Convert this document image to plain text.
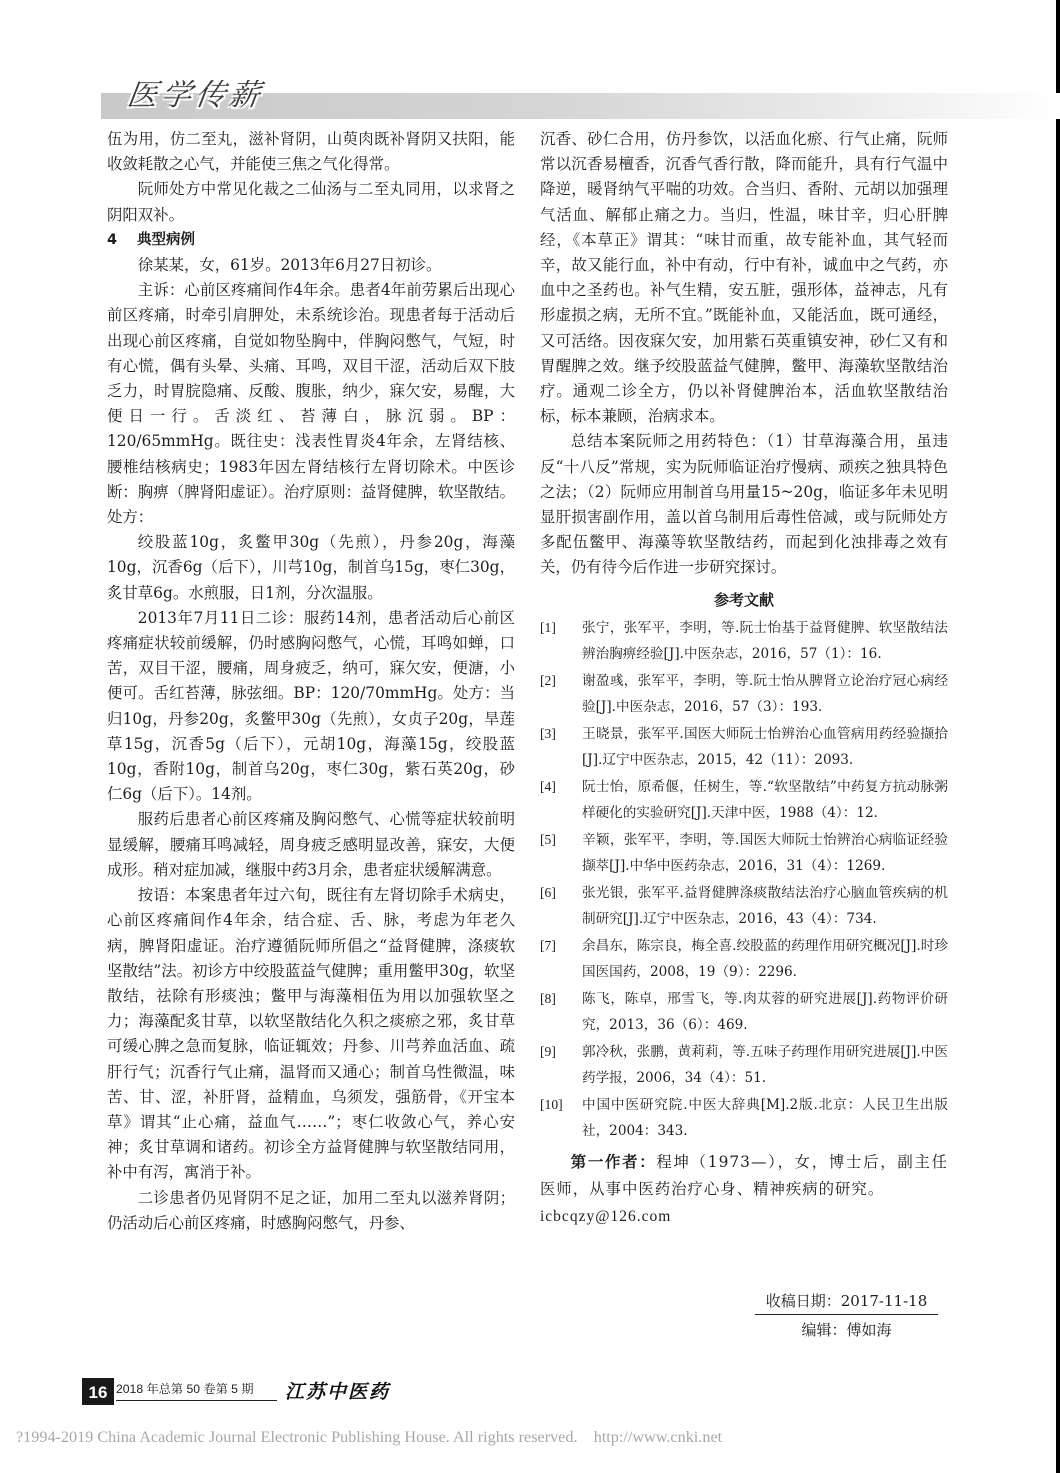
医学传薪

伍为用，仿二至丸，滋补肾阴，山萸肉既补肾阴又扶阳，能收敛耗散之心气，并能使三焦之气化得常。

阮师处方中常见化裁之二仙汤与二至丸同用，以求肾之阴阳双补。

4 典型病例

徐某某，女，61岁。2013年6月27日初诊。

主诉：心前区疼痛间作4年余。患者4年前劳累后出现心前区疼痛，时牵引肩胛处，未系统诊治。现患者每于活动后出现心前区疼痛，自觉如物坠胸中，伴胸闷憋气，气短，时有心慌，偶有头晕、头痛、耳鸣，双目干涩，活动后双下肢乏力，时胃脘隐痛、反酸、腹胀，纳少，寐欠安，易醒，大便日一行。舌淡红、苔薄白，脉沉弱。BP：120/65mmHg。既往史：浅表性胃炎4年余，左肾结核、腰椎结核病史；1983年因左肾结核行左肾切除术。中医诊断：胸痹（脾肾阳虚证）。治疗原则：益肾健脾，软坚散结。处方：

绞股蓝10g，炙鳖甲30g（先煎），丹参20g，海藻10g，沉香6g（后下），川芎10g，制首乌15g，枣仁30g，炙甘草6g。水煎服，日1剂，分次温服。

2013年7月11日二诊：服药14剂，患者活动后心前区疼痛症状较前缓解，仍时感胸闷憋气，心慌，耳鸣如蝉，口苦，双目干涩，腰痛，周身疲乏，纳可，寐欠安，便溏，小便可。舌红苔薄，脉弦细。BP：120/70mmHg。处方：当归10g，丹参20g，炙鳖甲30g（先煎），女贞子20g，旱莲草15g，沉香5g（后下），元胡10g，海藻15g，绞股蓝10g，香附10g，制首乌20g，枣仁30g，紫石英20g，砂仁6g（后下）。14剂。

服药后患者心前区疼痛及胸闷憋气、心慌等症状较前明显缓解，腰痛耳鸣减轻，周身疲乏感明显改善，寐安，大便成形。稍对症加减，继服中药3月余，患者症状缓解满意。

按语：本案患者年过六旬，既往有左肾切除手术病史，心前区疼痛间作4年余，结合症、舌、脉，考虑为年老久病，脾肾阳虚证。治疗遵循阮师所倡之“益肾健脾，涤痰软坚散结”法。初诊方中绞股蓝益气健脾；重用鳖甲30g，软坚散结，祛除有形痰浊；鳖甲与海藻相伍为用以加强软坚之力；海藻配炙甘草，以软坚散结化久积之痰瘀之邪，炙甘草可缓心脾之急而复脉，临证辄效；丹参、川芎养血活血、疏肝行气；沉香行气止痛，温肾而又通心；制首乌性微温，味苦、甘、涩，补肝肾，益精血，乌须发，强筋骨，《开宝本草》谓其“止心痛，益血气……”；枣仁收敛心气，养心安神；炙甘草调和诸药。初诊全方益肾健脾与软坚散结同用，补中有泻，寓消于补。

二诊患者仍见肾阴不足之证，加用二至丸以滋养肾阴；仍活动后心前区疼痛，时感胸闷憋气，丹参、

沉香、砂仁合用，仿丹参饮，以活血化瘀、行气止痛，阮师常以沉香易檀香，沉香气香行散，降而能升，具有行气温中降逆，暖肾纳气平喘的功效。合当归、香附、元胡以加强理气活血、解郁止痛之力。当归，性温，味甘辛，归心肝脾经，《本草正》谓其：“味甘而重，故专能补血，其气轻而辛，故又能行血，补中有动，行中有补，诚血中之气药，亦血中之圣药也。补气生精，安五脏，强形体，益神志，凡有形虚损之病，无所不宜。”既能补血，又能活血，既可通经，又可活络。因夜寐欠安，加用紫石英重镇安神，砂仁又有和胃醒脾之效。继予绞股蓝益气健脾，鳖甲、海藻软坚散结治疗。通观二诊全方，仍以补肾健脾治本，活血软坚散结治标，标本兼顾，治病求本。

总结本案阮师之用药特色：（1）甘草海藻合用，虽违反“十八反”常规，实为阮师临证治疗慢病、顽疾之独具特色之法；（2）阮师应用制首乌用量15~20g，临证多年未见明显肝损害副作用，盖以首乌制用后毒性倍减，或与阮师处方多配伍鳖甲、海藻等软坚散结药，而起到化浊排毒之效有关，仍有待今后作进一步研究探讨。

参考文献

[1] 张宁，张军平，李明，等.阮士怡基于益肾健脾、软坚散结法辨治胸痹经验[J].中医杂志，2016，57（1）：16.

[2] 谢盈彧，张军平，李明，等.阮士怡从脾肾立论治疗冠心病经验[J].中医杂志，2016，57（3）：193.

[3] 王晓景，张军平.国医大师阮士怡辨治心血管病用药经验撷拾[J].辽宁中医杂志，2015，42（11）：2093.

[4] 阮士怡，原希偃，任树生，等.“软坚散结”中药复方抗动脉粥样硬化的实验研究[J].天津中医，1988（4）：12.

[5] 辛颖，张军平，李明，等.国医大师阮士怡辨治心病临证经验撷萃[J].中华中医药杂志，2016，31（4）：1269.

[6] 张光银，张军平.益肾健脾涤痰散结法治疗心脑血管疾病的机制研究[J].辽宁中医杂志，2016，43（4）：734.

[7] 余昌东，陈宗良，梅全喜.绞股蓝的药理作用研究概况[J].时珍国医国药，2008，19（9）：2296.

[8] 陈飞，陈卓，邢雪飞，等.肉苁蓉的研究进展[J].药物评价研究，2013，36（6）：469.

[9] 郭冷秋，张鹏，黄莉莉，等.五味子药理作用研究进展[J].中医药学报，2006，34（4）：51.

[10] 中国中医研究院.中医大辞典[M].2版.北京：人民卫生出版社，2004：343.

第一作者：程坤（1973—），女，博士后，副主任医师，从事中医药治疗心身、精神疾病的研究。

icbcqzy@126.com
收稿日期：2017-11-18
编辑：傅如海
16 2018 年总第 50 卷第 5 期	江苏中医药
?1994-2019 China Academic Journal Electronic Publishing House. All rights reserved.    http://www.cnki.net
